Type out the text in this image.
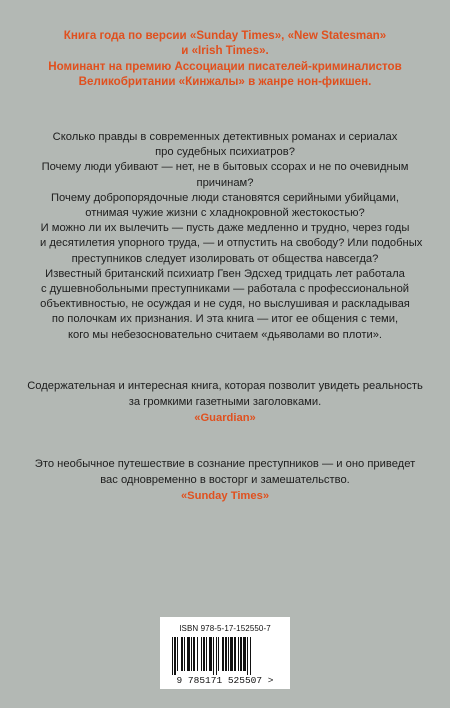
Книга года по версии «Sunday Times», «New Statesman»
и «Irish Times».
Номинант на премию Ассоциации писателей-криминалистов
Великобритании «Кинжалы» в жанре нон-фикшен.
Сколько правды в современных детективных романах и сериалах
про судебных психиатров?
Почему люди убивают — нет, не в бытовых ссорах и не по очевидным
причинам?
Почему добропорядочные люди становятся серийными убийцами,
отнимая чужие жизни с хладнокровной жестокостью?
И можно ли их вылечить — пусть даже медленно и трудно, через годы
и десятилетия упорного труда, — и отпустить на свободу? Или подобных
преступников следует изолировать от общества навсегда?
Известный британский психиатр Гвен Эдсхед тридцать лет работала
с душевнобольными преступниками — работала с профессиональной
объективностью, не осуждая и не судя, но выслушивая и раскладывая
по полочкам их признания. И эта книга — итог ее общения с теми,
кого мы небезосновательно считаем «дьяволами во плоти».
Содержательная и интересная книга, которая позволит увидеть реальность
за громкими газетными заголовками.
«Guardian»
Это необычное путешествие в сознание преступников — и оно приведет
вас одновременно в восторг и замешательство.
«Sunday Times»
ISBN 978-5-17-152550-7
9 785171 525507 >
